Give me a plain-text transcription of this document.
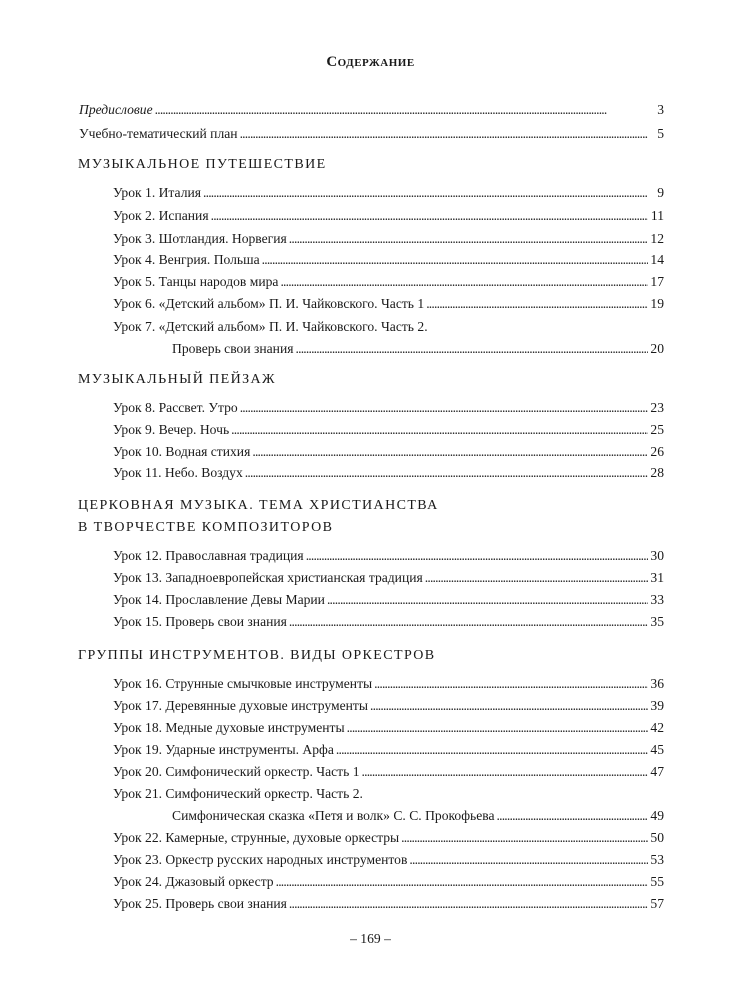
Содержание
Предисловие . . .	3
Учебно-тематический план . . .	5
МУЗЫКАЛЬНОЕ ПУТЕШЕСТВИЕ
Урок 1. Италия . . .	9
Урок 2. Испания . . .	11
Урок 3. Шотландия. Норвегия . . .	12
Урок 4. Венгрия. Польша . . .	14
Урок 5. Танцы народов мира . . .	17
Урок 6. «Детский альбом» П. И. Чайковского. Часть 1 . . .	19
Урок 7. «Детский альбом» П. И. Чайковского. Часть 2.
Проверь свои знания . . .	20
МУЗЫКАЛЬНЫЙ ПЕЙЗАЖ
Урок 8. Рассвет. Утро . . .	23
Урок 9. Вечер. Ночь . . .	25
Урок 10. Водная стихия . . .	26
Урок 11. Небо. Воздух . . .	28
ЦЕРКОВНАЯ МУЗЫКА. ТЕМА ХРИСТИАНСТВА
В ТВОРЧЕСТВЕ КОМПОЗИТОРОВ
Урок 12. Православная традиция . . .	30
Урок 13. Западноевропейская христианская традиция . . .	31
Урок 14. Прославление Девы Марии . . .	33
Урок 15. Проверь свои знания . . .	35
ГРУППЫ ИНСТРУМЕНТОВ. ВИДЫ ОРКЕСТРОВ
Урок 16. Струнные смычковые инструменты . . .	36
Урок 17. Деревянные духовые инструменты . . .	39
Урок 18. Медные духовые инструменты . . .	42
Урок 19. Ударные инструменты. Арфа . . .	45
Урок 20. Симфонический оркестр. Часть 1 . . .	47
Урок 21. Симфонический оркестр. Часть 2.
Симфоническая сказка «Петя и волк» С. С. Прокофьева . . .	49
Урок 22. Камерные, струнные, духовые оркестры . . .	50
Урок 23. Оркестр русских народных инструментов . . .	53
Урок 24. Джазовый оркестр . . .	55
Урок 25. Проверь свои знания . . .	57
– 169 –
